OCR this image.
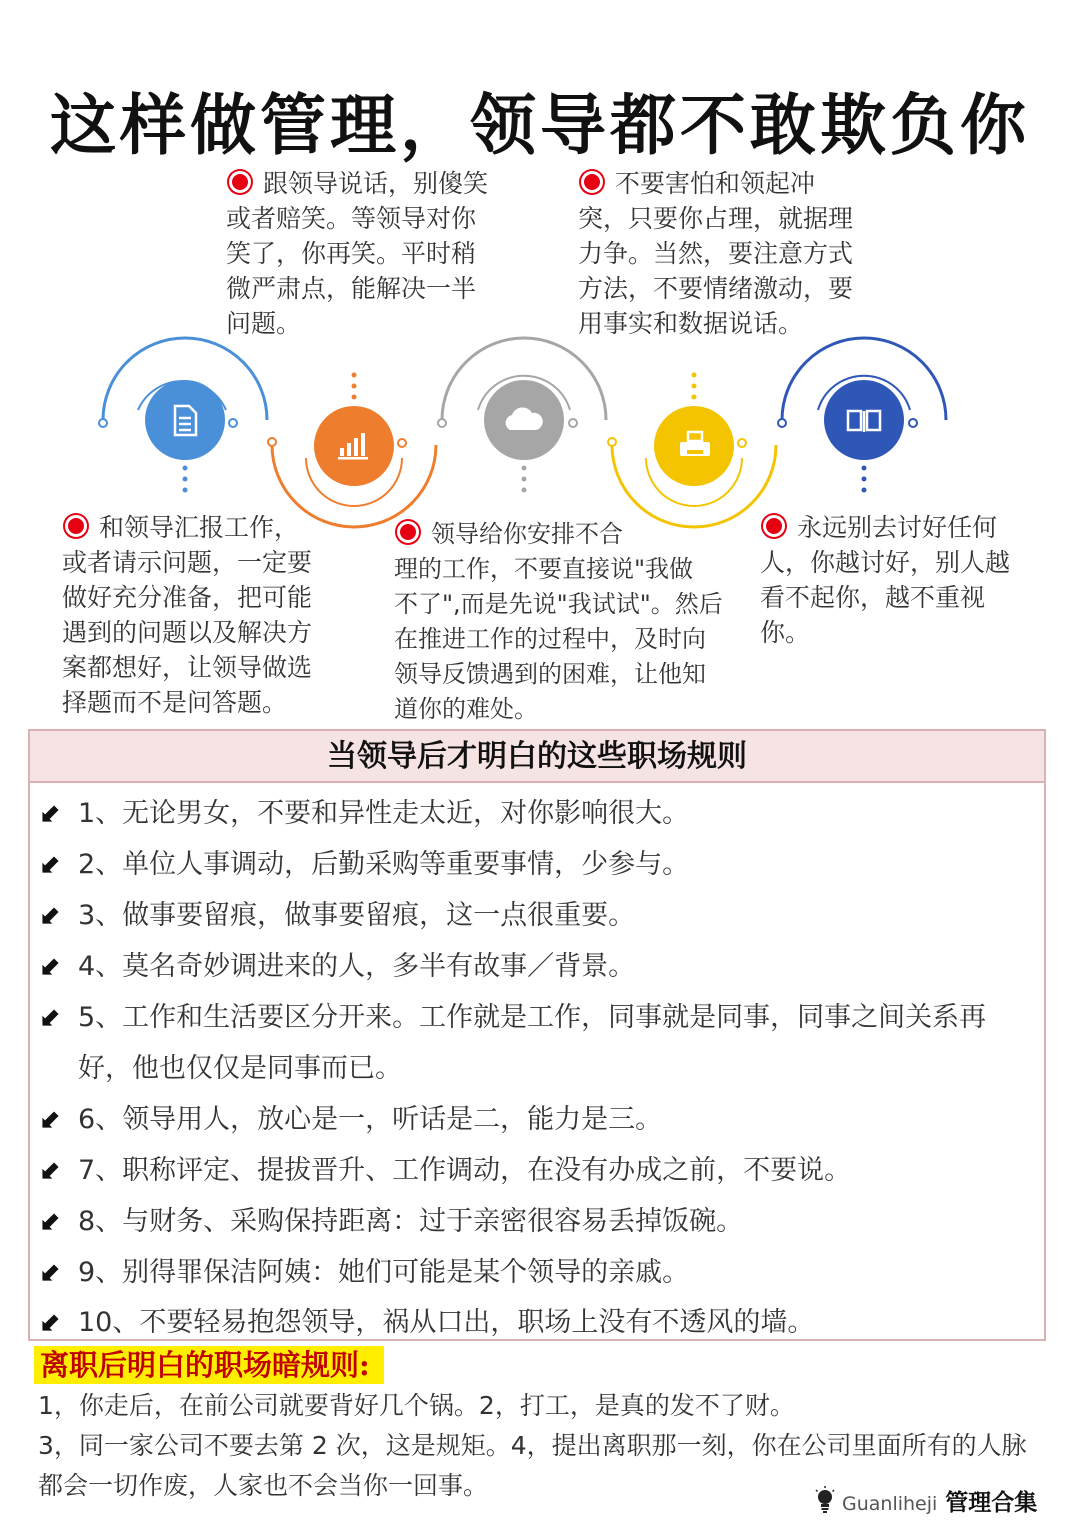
这样做管理，领导都不敢欺负你
跟领导说话，别傻笑
或者赔笑。等领导对你
笑了，你再笑。平时稍
微严肃点，能解决一半
问题。
不要害怕和领起冲
突，只要你占理，就据理
力争。当然，要注意方式
方法，不要情绪激动，要
用事实和数据说话。
和领导汇报工作，
或者请示问题，一定要
做好充分准备，把可能
遇到的问题以及解决方
案都想好，让领导做选
择题而不是问答题。
领导给你安排不合
理的工作，不要直接说"我做
不了",而是先说"我试试"。然后
在推进工作的过程中，及时向
领导反馈遇到的困难，让他知
道你的难处。
永远别去讨好任何
人，你越讨好，别人越
看不起你，越不重视
你。
当领导后才明白的这些职场规则
⬋ 1、无论男女，不要和异性走太近，对你影响很大。
⬋ 2、单位人事调动，后勤采购等重要事情，少参与。
⬋ 3、做事要留痕，做事要留痕，这一点很重要。
⬋ 4、莫名奇妙调进来的人，多半有故事／背景。
⬋ 5、工作和生活要区分开来。工作就是工作，同事就是同事，同事之间关系再
好，他也仅仅是同事而已。
⬋ 6、领导用人，放心是一，听话是二，能力是三。
⬋ 7、职称评定、提拔晋升、工作调动，在没有办成之前，不要说。
⬋ 8、与财务、采购保持距离：过于亲密很容易丢掉饭碗。
⬋ 9、别得罪保洁阿姨：她们可能是某个领导的亲戚。
⬋ 10、不要轻易抱怨领导，祸从口出，职场上没有不透风的墙。
离职后明白的职场暗规则:
1，你走后，在前公司就要背好几个锅。2，打工，是真的发不了财。
3，同一家公司不要去第 2 次，这是规矩。4，提出离职那一刻，你在公司里面所有的人脉
都会一切作废，人家也不会当你一回事。
Guanliheji 管理合集
